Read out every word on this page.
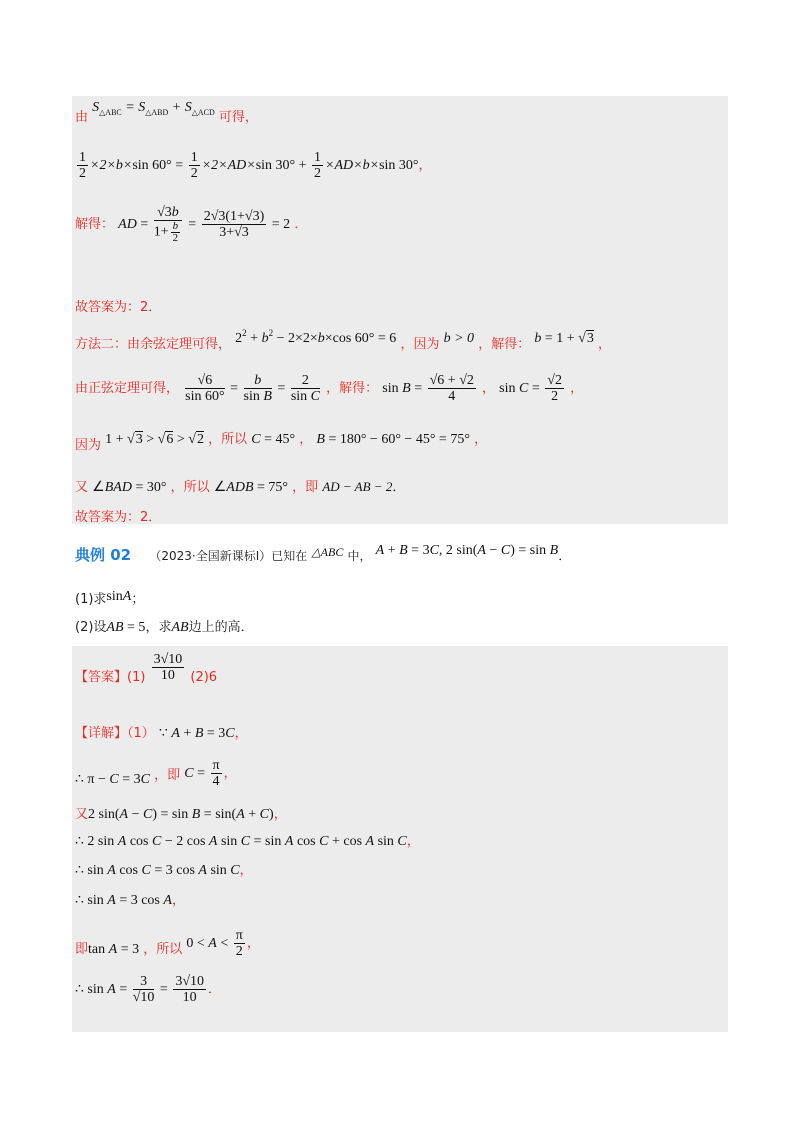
由 $S_{\triangle ABC} = S_{\triangle ABD} + S_{\triangle ACD}$ 可得，
$\frac{1}{2} \times 2\times b\times\sin$ $60^\circ = \frac{1}{2} \times 2\times AD\times\sin$ $30^\circ + \frac{1}{2} \times AD\times b\times\sin$ 30°，
解得： AD = $\frac{√3b}{1+ \frac{b}{2}} = \frac{2√3(1+√3)}{3+√3} = 2$ ．
故答案为：2．
方法二：由余弦定理可得， $2^2 + b^2 - 2\times 2\times b\times\cos$ 60° = 6 ，因为 b > 0 ，解得： b = 1 + √3 ，
由正弦定理可得， $\frac{√6}{\sin 60^\circ} = \frac{b}{\text{sin B}} = \frac{2}{\text{sin C}}$ ，解得： $\sin B = \frac{√6 + √2}{4}$ ， $\sin C = \frac{√2}{2}$ ，
因为 1 + √3 > √6 > √2 ，所以 C = 45° ， B = 180° − 60° − 45° = 75° ，
又 ∠BAD = 30° ，所以 ∠ADB = 75° ，即 AD − AB − 2．
故答案为：2．
典例 02 （2023·全国新课标Ⅰ）已知在 △ABC 中， A + B = 3C, 2 sin(A − C) = sin B．
(1)求sinA；
(2)设AB = 5，求AB边上的高．
【答案】$(1) \frac{3√10}{10} (2)6$
【详解】（1） ∵ A + B = 3C，
∴ π − C = 3C ，即 $C = \frac{\pi}{4}$ ，
又2 sin(A − C) = sin B = sin(A + C)，
∴ 2 sin A cos C − 2 cos A sin C = sin A cos C + cos A sin C，
∴ sin A cos C = 3 cos A sin C，
∴ sin A = 3 cos A，
即tan A = 3 ，所以 $0 < A < \frac{\pi}{2}$ ，
∴ $\sin A = \frac{3}{√10} = \frac{3√10}{10}$ ．
